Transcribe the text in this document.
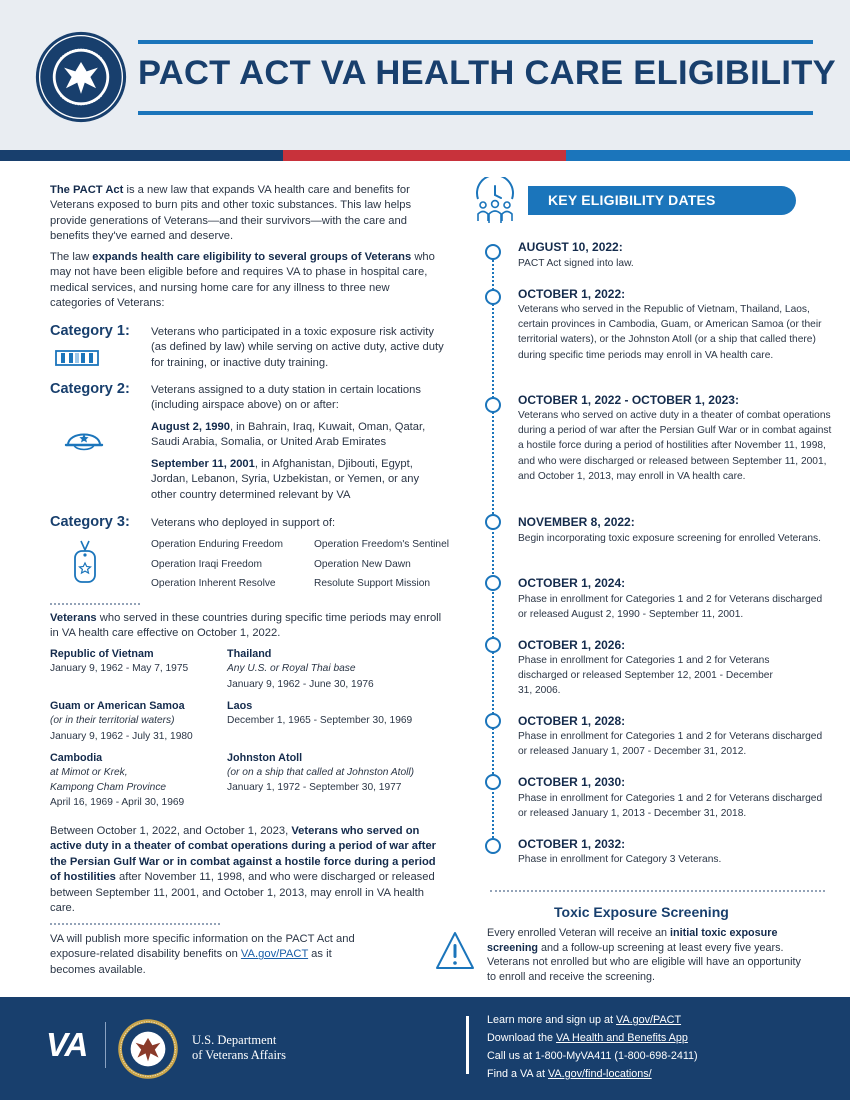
PACT ACT VA HEALTH CARE ELIGIBILITY
The PACT Act is a new law that expands VA health care and benefits for Veterans exposed to burn pits and other toxic substances. This law helps provide generations of Veterans—and their survivors—with the care and benefits they've earned and deserve.
The law expands health care eligibility to several groups of Veterans who may not have been eligible before and requires VA to phase in hospital care, medical services, and nursing home care for any illness to three new categories of Veterans:
Category 1: Veterans who participated in a toxic exposure risk activity (as defined by law) while serving on active duty, active duty for training, or inactive duty training.
Category 2: Veterans assigned to a duty station in certain locations (including airspace above) on or after:
August 2, 1990, in Bahrain, Iraq, Kuwait, Oman, Qatar, Saudi Arabia, Somalia, or United Arab Emirates
September 11, 2001, in Afghanistan, Djibouti, Egypt, Jordan, Lebanon, Syria, Uzbekistan, or Yemen, or any other country determined relevant by VA
Category 3: Veterans who deployed in support of:
Operation Enduring Freedom	Operation Freedom's Sentinel
Operation Iraqi Freedom	Operation New Dawn
Operation Inherent Resolve	Resolute Support Mission
Veterans who served in these countries during specific time periods may enroll in VA health care effective on October 1, 2022.
Republic of Vietnam
January 9, 1962 - May 7, 1975
Thailand
Any U.S. or Royal Thai base
January 9, 1962 - June 30, 1976
Guam or American Samoa
(or in their territorial waters)
January 9, 1962 - July 31, 1980
Laos
December 1, 1965 - September 30, 1969
Cambodia
at Mimot or Krek,
Kampong Cham Province
April 16, 1969 - April 30, 1969
Johnston Atoll
(or on a ship that called at Johnston Atoll)
January 1, 1972 - September 30, 1977
Between October 1, 2022, and October 1, 2023, Veterans who served on active duty in a theater of combat operations during a period of war after the Persian Gulf War or in combat against a hostile force during a period of hostilities after November 11, 1998, and who were discharged or released between September 11, 2001, and October 1, 2013, may enroll in VA health care.
VA will publish more specific information on the PACT Act and exposure-related disability benefits on VA.gov/PACT as it becomes available.
KEY ELIGIBILITY DATES
AUGUST 10, 2022:
PACT Act signed into law.
OCTOBER 1, 2022:
Veterans who served in the Republic of Vietnam, Thailand, Laos, certain provinces in Cambodia, Guam, or American Samoa (or their territorial waters), or the Johnston Atoll (or a ship that called there) during specific time periods may enroll in VA health care.
OCTOBER 1, 2022 - OCTOBER 1, 2023:
Veterans who served on active duty in a theater of combat operations during a period of war after the Persian Gulf War or in combat against a hostile force during a period of hostilities after November 11, 1998, and who were discharged or released between September 11, 2001, and October 1, 2013, may enroll in VA health care.
NOVEMBER 8, 2022:
Begin incorporating toxic exposure screening for enrolled Veterans.
OCTOBER 1, 2024:
Phase in enrollment for Categories 1 and 2 for Veterans discharged or released August 2, 1990 - September 11, 2001.
OCTOBER 1, 2026:
Phase in enrollment for Categories 1 and 2 for Veterans discharged or released September 12, 2001 - December 31, 2006.
OCTOBER 1, 2028:
Phase in enrollment for Categories 1 and 2 for Veterans discharged or released January 1, 2007 - December 31, 2012.
OCTOBER 1, 2030:
Phase in enrollment for Categories 1 and 2 for Veterans discharged or released January 1, 2013 - December 31, 2018.
OCTOBER 1, 2032:
Phase in enrollment for Category 3 Veterans.
Toxic Exposure Screening
Every enrolled Veteran will receive an initial toxic exposure screening and a follow-up screening at least every five years. Veterans not enrolled but who are eligible will have an opportunity to enroll and receive the screening.
VA	U.S. Department
of Veterans Affairs
Learn more and sign up at VA.gov/PACT
Download the VA Health and Benefits App
Call us at 1-800-MyVA411 (1-800-698-2411)
Find a VA at VA.gov/find-locations/
